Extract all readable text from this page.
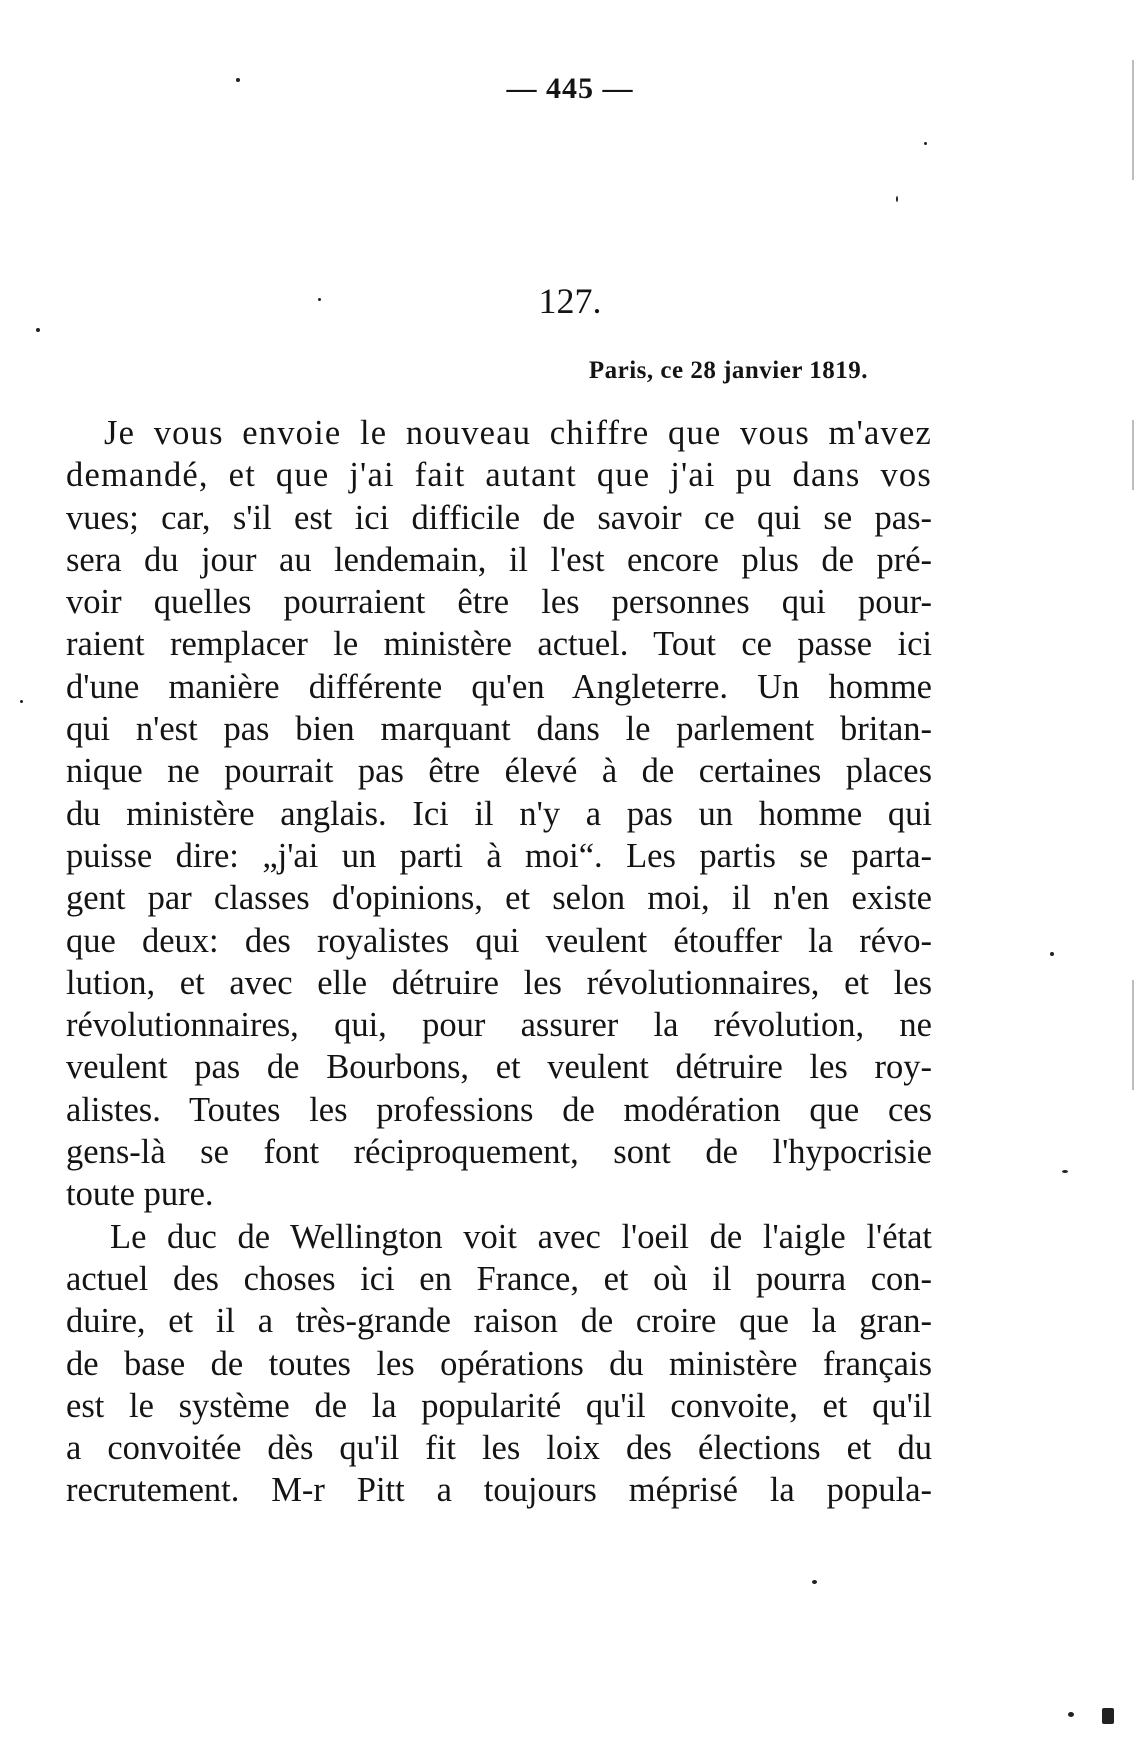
— 445 —
127.
Paris, ce 28 janvier 1819.
Je vous envoie le nouveau chiffre que vous m'avez
demandé, et que j'ai fait autant que j'ai pu dans vos
vues; car, s'il est ici difficile de savoir ce qui se pas-
sera du jour au lendemain, il l'est encore plus de pré-
voir quelles pourraient être les personnes qui pour-
raient remplacer le ministère actuel. Tout ce passe ici
d'une manière différente qu'en Angleterre. Un homme
qui n'est pas bien marquant dans le parlement britan-
nique ne pourrait pas être élevé à de certaines places
du ministère anglais. Ici il n'y a pas un homme qui
puisse dire: „j'ai un parti à moi“. Les partis se parta-
gent par classes d'opinions, et selon moi, il n'en existe
que deux: des royalistes qui veulent étouffer la révo-
lution, et avec elle détruire les révolutionnaires, et les
révolutionnaires, qui, pour assurer la révolution, ne
veulent pas de Bourbons, et veulent détruire les roy-
alistes. Toutes les professions de modération que ces
gens-là se font réciproquement, sont de l'hypocrisie
toute pure.
Le duc de Wellington voit avec l'oeil de l'aigle l'état
actuel des choses ici en France, et où il pourra con-
duire, et il a très-grande raison de croire que la gran-
de base de toutes les opérations du ministère français
est le système de la popularité qu'il convoite, et qu'il
a convoitée dès qu'il fit les loix des élections et du
recrutement. M-r Pitt a toujours méprisé la popula-
